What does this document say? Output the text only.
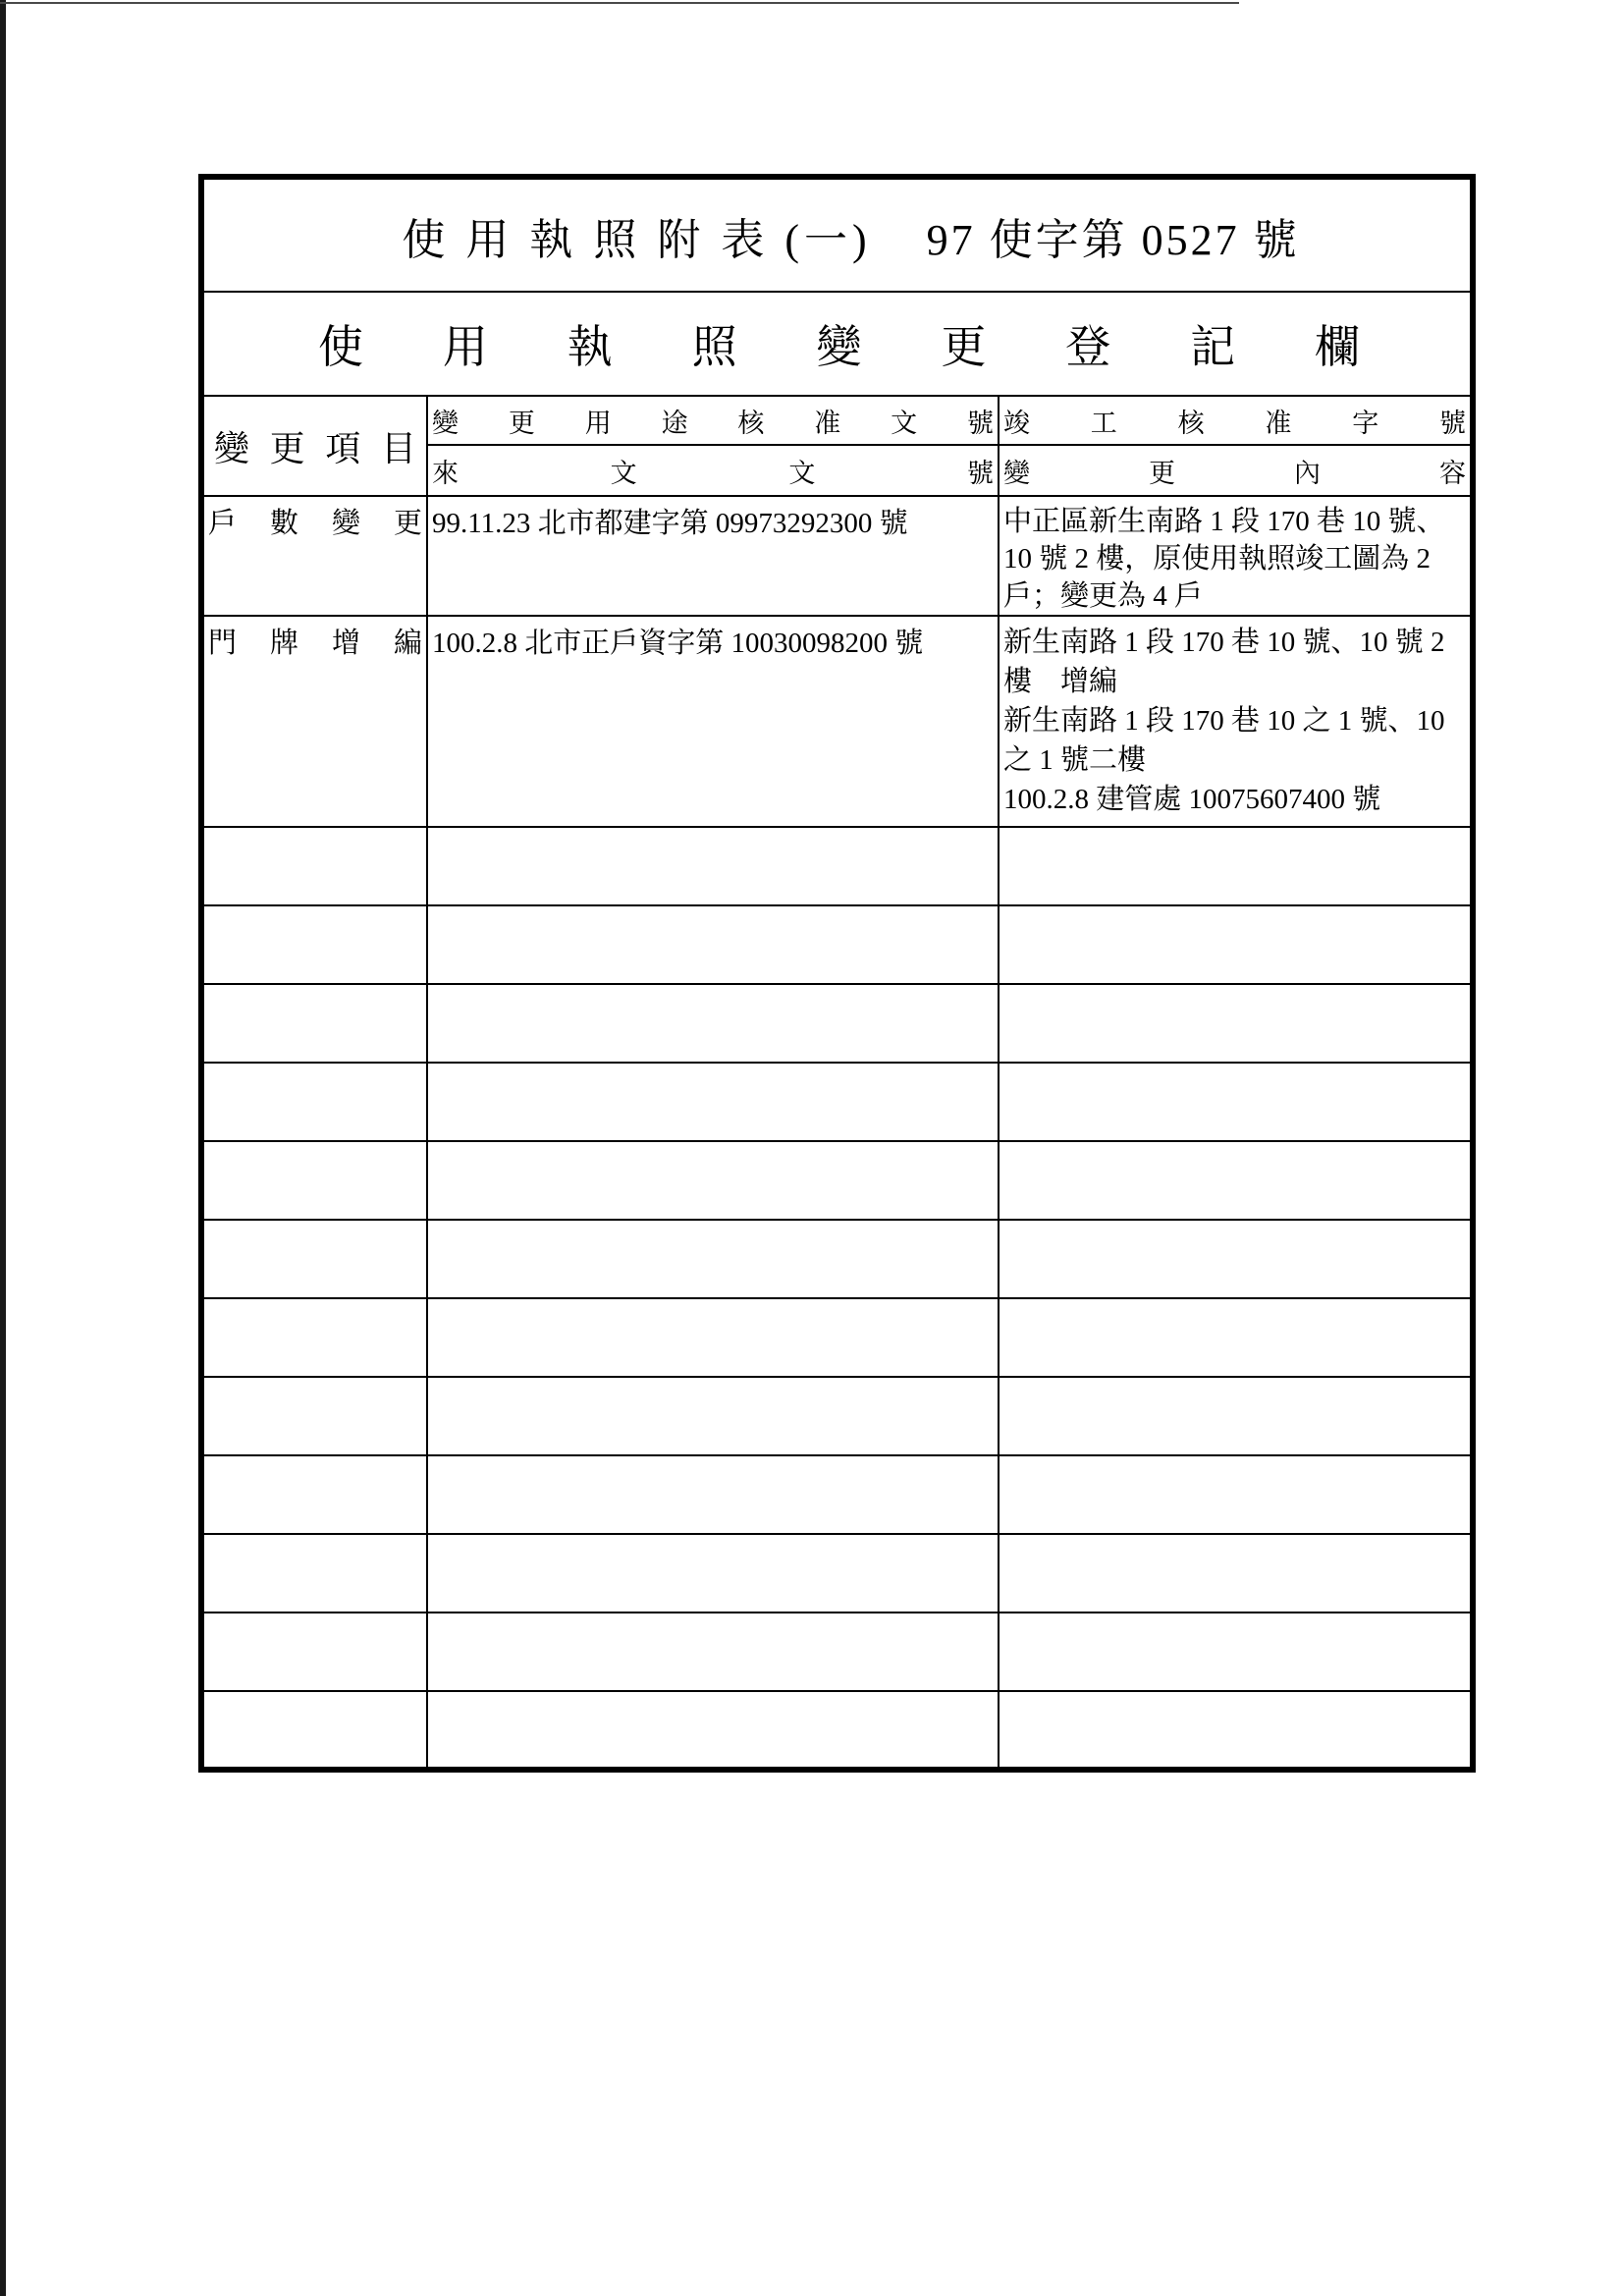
使 用 執 照 附 表 (一) 97 使字第 0527 號		
使用執照變更登記欄		
變更項目	變更用途核准文號	竣工核准字號
	來文文號	變更內容
戶數變更	99.11.23 北市都建字第 09973292300 號	中正區新生南路 1 段 170 巷 10 號、
10 號 2 樓，原使用執照竣工圖為 2
戶；變更為 4 戶

門牌增編	100.2.8 北市正戶資字第 10030098200 號	新生南路 1 段 170 巷 10 號、10 號 2
樓　增編
新生南路 1 段 170 巷 10 之 1 號、10
之 1 號二樓
100.2.8 建管處 10075607400 號
